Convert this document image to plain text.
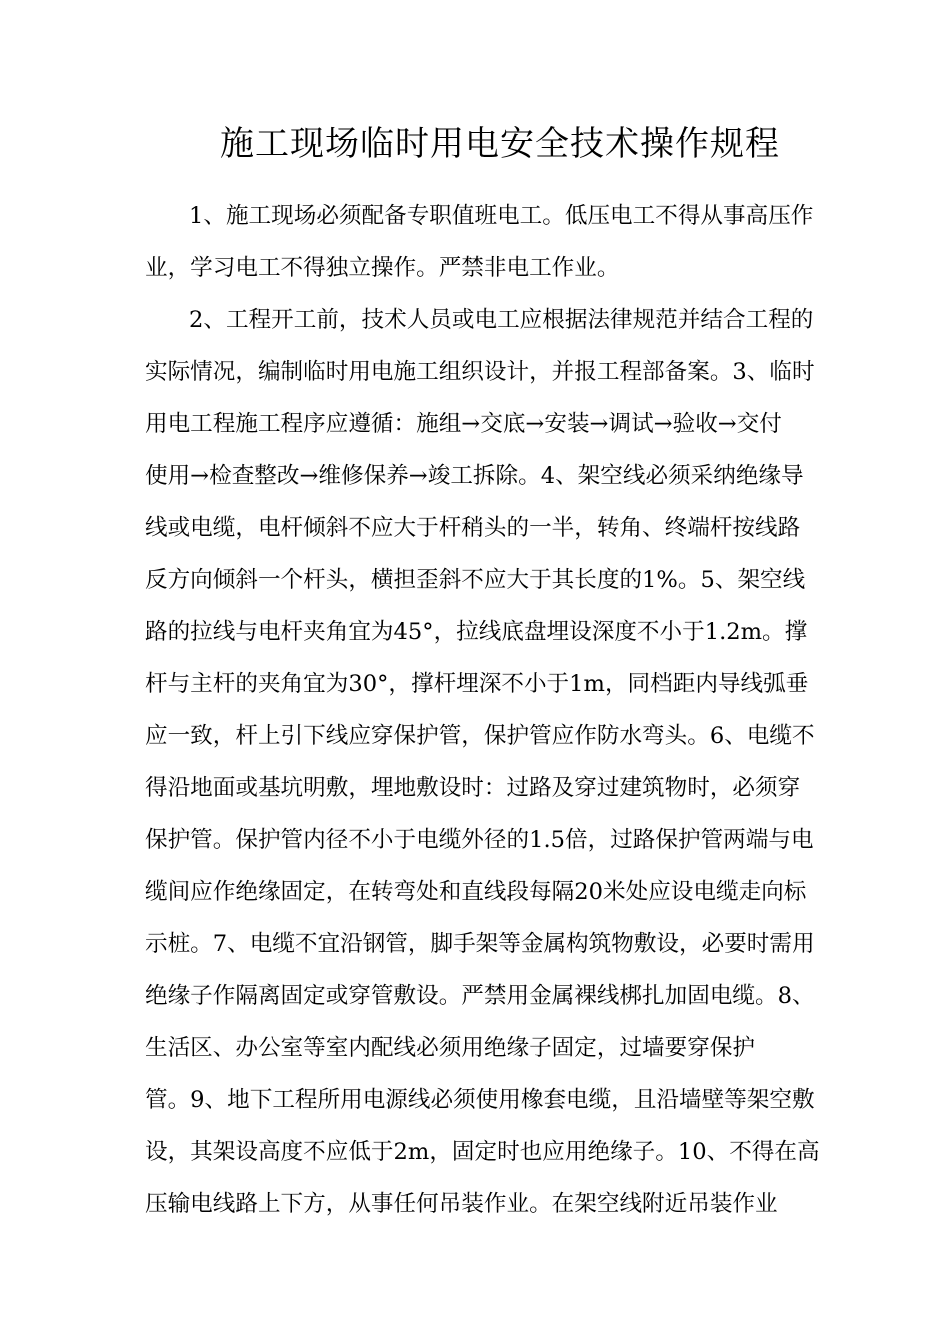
施工现场临时用电安全技术操作规程
1、施工现场必须配备专职值班电工。低压电工不得从事高压作
业，学习电工不得独立操作。严禁非电工作业。
2、工程开工前，技术人员或电工应根据法律规范并结合工程的
实际情况，编制临时用电施工组织设计，并报工程部备案。3、临时
用电工程施工程序应遵循：施组→交底→安装→调试→验收→交付
使用→检查整改→维修保养→竣工拆除。4、架空线必须采纳绝缘导
线或电缆，电杆倾斜不应大于杆稍头的一半，转角、终端杆按线路
反方向倾斜一个杆头，横担歪斜不应大于其长度的1%。5、架空线
路的拉线与电杆夹角宜为45°，拉线底盘埋设深度不小于1.2m。撑
杆与主杆的夹角宜为30°，撑杆埋深不小于1m，同档距内导线弧垂
应一致，杆上引下线应穿保护管，保护管应作防水弯头。6、电缆不
得沿地面或基坑明敷，埋地敷设时：过路及穿过建筑物时，必须穿
保护管。保护管内径不小于电缆外径的1.5倍，过路保护管两端与电
缆间应作绝缘固定，在转弯处和直线段每隔20米处应设电缆走向标
示桩。7、电缆不宜沿钢管，脚手架等金属构筑物敷设，必要时需用
绝缘子作隔离固定或穿管敷设。严禁用金属裸线梆扎加固电缆。8、
生活区、办公室等室内配线必须用绝缘子固定，过墙要穿保护
管。9、地下工程所用电源线必须使用橡套电缆，且沿墙壁等架空敷
设，其架设高度不应低于2m，固定时也应用绝缘子。10、不得在高
压输电线路上下方，从事任何吊装作业。在架空线附近吊装作业
